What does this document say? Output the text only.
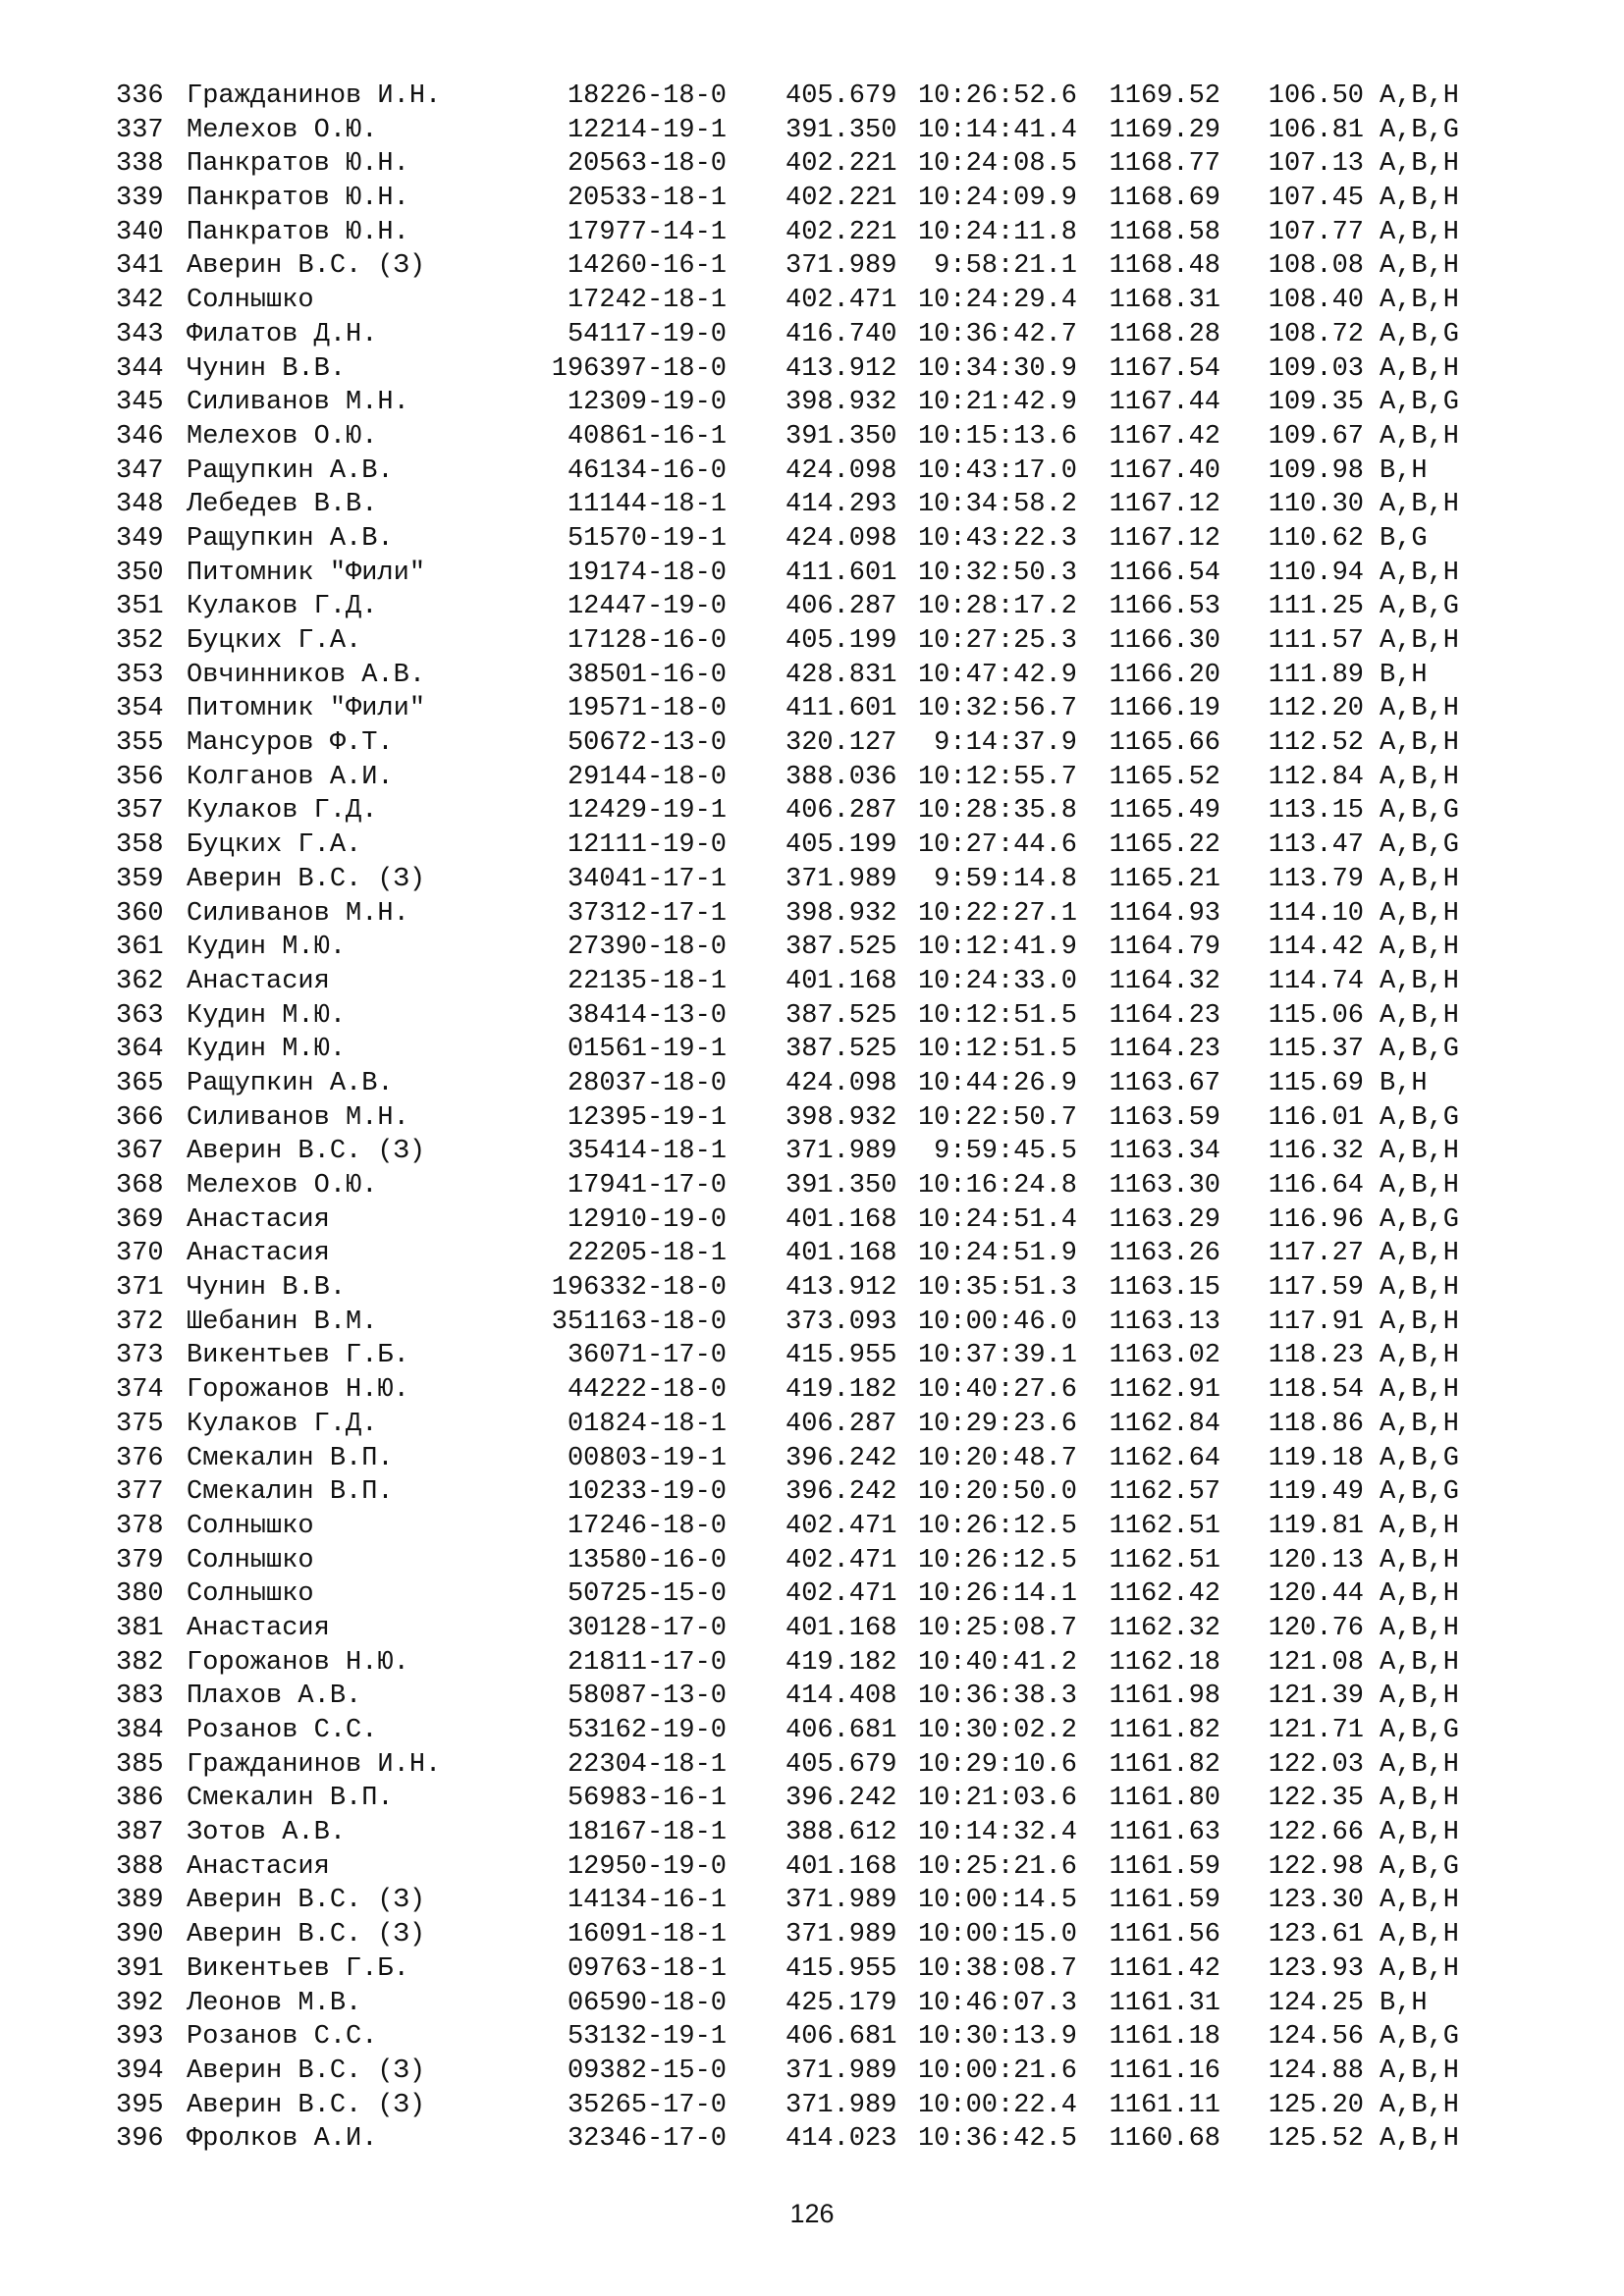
336 Гражданинов И.Н.	18226-18-0 405.679 10:26:52.6	1169.52	106.50 A,B,H
337 Мелехов О.Ю.	12214-19-1 391.350 10:14:41.4	1169.29	106.81 A,B,G
338 Панкратов Ю.Н.	20563-18-0 402.221 10:24:08.5	1168.77	107.13 A,B,H
339 Панкратов Ю.Н.	20533-18-1 402.221 10:24:09.9	1168.69	107.45 A,B,H
340 Панкратов Ю.Н.	17977-14-1 402.221 10:24:11.8	1168.58	107.77 A,B,H
341 Аверин В.С. (З)	14260-16-1 371.989	9:58:21.1	1168.48	108.08 A,B,H
342 Солнышко	17242-18-1 402.471 10:24:29.4	1168.31	108.40 A,B,H
343 Филатов Д.Н.	54117-19-0 416.740 10:36:42.7	1168.28	108.72 A,B,G
344 Чунин В.В.	196397-18-0 413.912 10:34:30.9	1167.54	109.03 A,B,H
345 Силиванов М.Н.	12309-19-0 398.932 10:21:42.9	1167.44	109.35 A,B,G
346 Мелехов О.Ю.	40861-16-1 391.350 10:15:13.6	1167.42	109.67 A,B,H
347 Ращупкин А.В.	46134-16-0 424.098 10:43:17.0	1167.40	109.98 B,H
348 Лебедев В.В.	11144-18-1 414.293 10:34:58.2	1167.12	110.30 A,B,H
349 Ращупкин А.В.	51570-19-1 424.098 10:43:22.3	1167.12	110.62 B,G
350 Питомник "Фили"	19174-18-0 411.601 10:32:50.3	1166.54	110.94 A,B,H
351 Кулаков Г.Д.	12447-19-0 406.287 10:28:17.2	1166.53	111.25 A,B,G
352 Буцких Г.А.	17128-16-0 405.199 10:27:25.3	1166.30	111.57 A,B,H
353 Овчинников А.В.	38501-16-0 428.831 10:47:42.9	1166.20	111.89 B,H
354 Питомник "Фили"	19571-18-0 411.601 10:32:56.7	1166.19	112.20 A,B,H
355 Мансуров Ф.Т.	50672-13-0 320.127	9:14:37.9	1165.66	112.52 A,B,H
356 Колганов А.И.	29144-18-0 388.036 10:12:55.7	1165.52	112.84 A,B,H
357 Кулаков Г.Д.	12429-19-1 406.287 10:28:35.8	1165.49	113.15 A,B,G
358 Буцких Г.А.	12111-19-0 405.199 10:27:44.6	1165.22	113.47 A,B,G
359 Аверин В.С. (З)	34041-17-1 371.989	9:59:14.8	1165.21	113.79 A,B,H
360 Силиванов М.Н.	37312-17-1 398.932 10:22:27.1	1164.93	114.10 A,B,H
361 Кудин М.Ю.	27390-18-0 387.525 10:12:41.9	1164.79	114.42 A,B,H
362 Анастасия	22135-18-1 401.168 10:24:33.0	1164.32	114.74 A,B,H
363 Кудин М.Ю.	38414-13-0 387.525 10:12:51.5	1164.23	115.06 A,B,H
364 Кудин М.Ю.	01561-19-1 387.525 10:12:51.5	1164.23	115.37 A,B,G
365 Ращупкин А.В.	28037-18-0 424.098 10:44:26.9	1163.67	115.69 B,H
366 Силиванов М.Н.	12395-19-1 398.932 10:22:50.7	1163.59	116.01 A,B,G
367 Аверин В.С. (З)	35414-18-1 371.989	9:59:45.5	1163.34	116.32 A,B,H
368 Мелехов О.Ю.	17941-17-0 391.350 10:16:24.8	1163.30	116.64 A,B,H
369 Анастасия	12910-19-0 401.168 10:24:51.4	1163.29	116.96 A,B,G
370 Анастасия	22205-18-1 401.168 10:24:51.9	1163.26	117.27 A,B,H
371 Чунин В.В.	196332-18-0 413.912 10:35:51.3	1163.15	117.59 A,B,H
372 Шебанин В.М.	351163-18-0 373.093 10:00:46.0	1163.13	117.91 A,B,H
373 Викентьев Г.Б.	36071-17-0 415.955 10:37:39.1	1163.02	118.23 A,B,H
374 Горожанов Н.Ю.	44222-18-0 419.182 10:40:27.6	1162.91	118.54 A,B,H
375 Кулаков Г.Д.	01824-18-1 406.287 10:29:23.6	1162.84	118.86 A,B,H
376 Смекалин В.П.	00803-19-1 396.242 10:20:48.7	1162.64	119.18 A,B,G
377 Смекалин В.П.	10233-19-0 396.242 10:20:50.0	1162.57	119.49 A,B,G
378 Солнышко	17246-18-0 402.471 10:26:12.5	1162.51	119.81 A,B,H
379 Солнышко	13580-16-0 402.471 10:26:12.5	1162.51	120.13 A,B,H
380 Солнышко	50725-15-0 402.471 10:26:14.1	1162.42	120.44 A,B,H
381 Анастасия	30128-17-0 401.168 10:25:08.7	1162.32	120.76 A,B,H
382 Горожанов Н.Ю.	21811-17-0 419.182 10:40:41.2	1162.18	121.08 A,B,H
383 Плахов А.В.	58087-13-0 414.408 10:36:38.3	1161.98	121.39 A,B,H
384 Розанов С.С.	53162-19-0 406.681 10:30:02.2	1161.82	121.71 A,B,G
385 Гражданинов И.Н.	22304-18-1 405.679 10:29:10.6	1161.82	122.03 A,B,H
386 Смекалин В.П.	56983-16-1 396.242 10:21:03.6	1161.80	122.35 A,B,H
387 Зотов А.В.	18167-18-1 388.612 10:14:32.4	1161.63	122.66 A,B,H
388 Анастасия	12950-19-0 401.168 10:25:21.6	1161.59	122.98 A,B,G
389 Аверин В.С. (З)	14134-16-1 371.989 10:00:14.5	1161.59	123.30 A,B,H
390 Аверин В.С. (З)	16091-18-1 371.989 10:00:15.0	1161.56	123.61 A,B,H
391 Викентьев Г.Б.	09763-18-1 415.955 10:38:08.7	1161.42	123.93 A,B,H
392 Леонов М.В.	06590-18-0 425.179 10:46:07.3	1161.31	124.25 B,H
393 Розанов С.С.	53132-19-1 406.681 10:30:13.9	1161.18	124.56 A,B,G
394 Аверин В.С. (З)	09382-15-0 371.989 10:00:21.6	1161.16	124.88 A,B,H
395 Аверин В.С. (З)	35265-17-0 371.989 10:00:22.4	1161.11	125.20 A,B,H
396 Фролков А.И.	32346-17-0 414.023 10:36:42.5	1160.68	125.52 A,B,H
126
